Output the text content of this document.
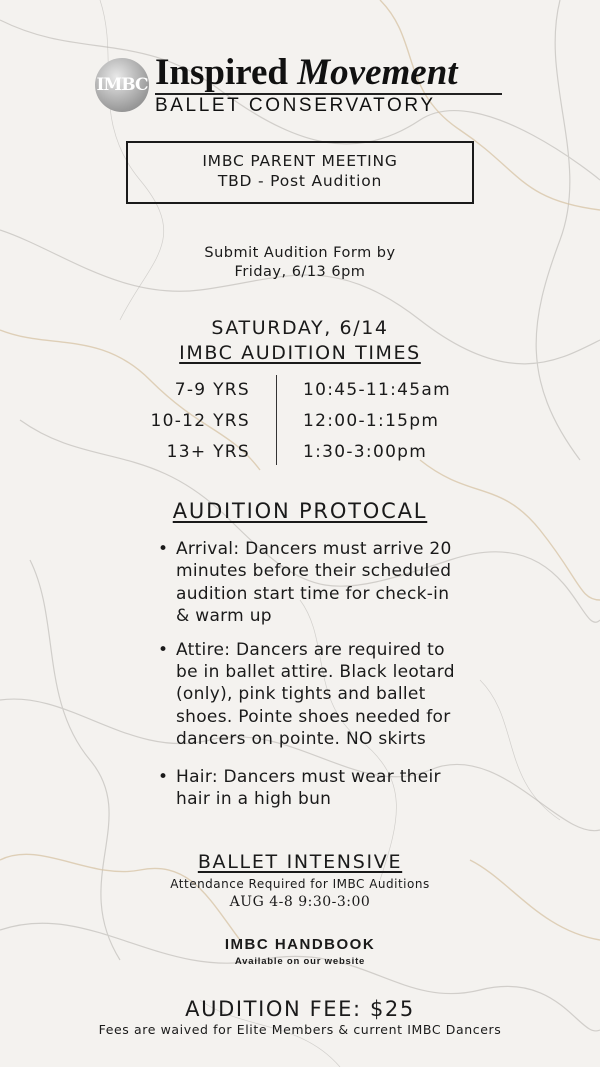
IMBC Inspired Movement
BALLET CONSERVATORY
IMBC PARENT MEETING
TBD - Post Audition
Submit Audition Form by
Friday, 6/13 6pm
SATURDAY, 6/14
IMBC AUDITION TIMES
7-9 YRS	10:45-11:45am
10-12 YRS	12:00-1:15pm
13+ YRS	1:30-3:00pm
AUDITION PROTOCAL
• Arrival: Dancers must arrive 20 minutes before their scheduled audition start time for check-in & warm up
• Attire: Dancers are required to be in ballet attire. Black leotard (only), pink tights and ballet shoes. Pointe shoes needed for dancers on pointe. NO skirts
• Hair: Dancers must wear their hair in a high bun
BALLET INTENSIVE
Attendance Required for IMBC Auditions
AUG 4-8 9:30-3:00
IMBC HANDBOOK
Available on our website
AUDITION FEE: $25
Fees are waived for Elite Members & current IMBC Dancers
